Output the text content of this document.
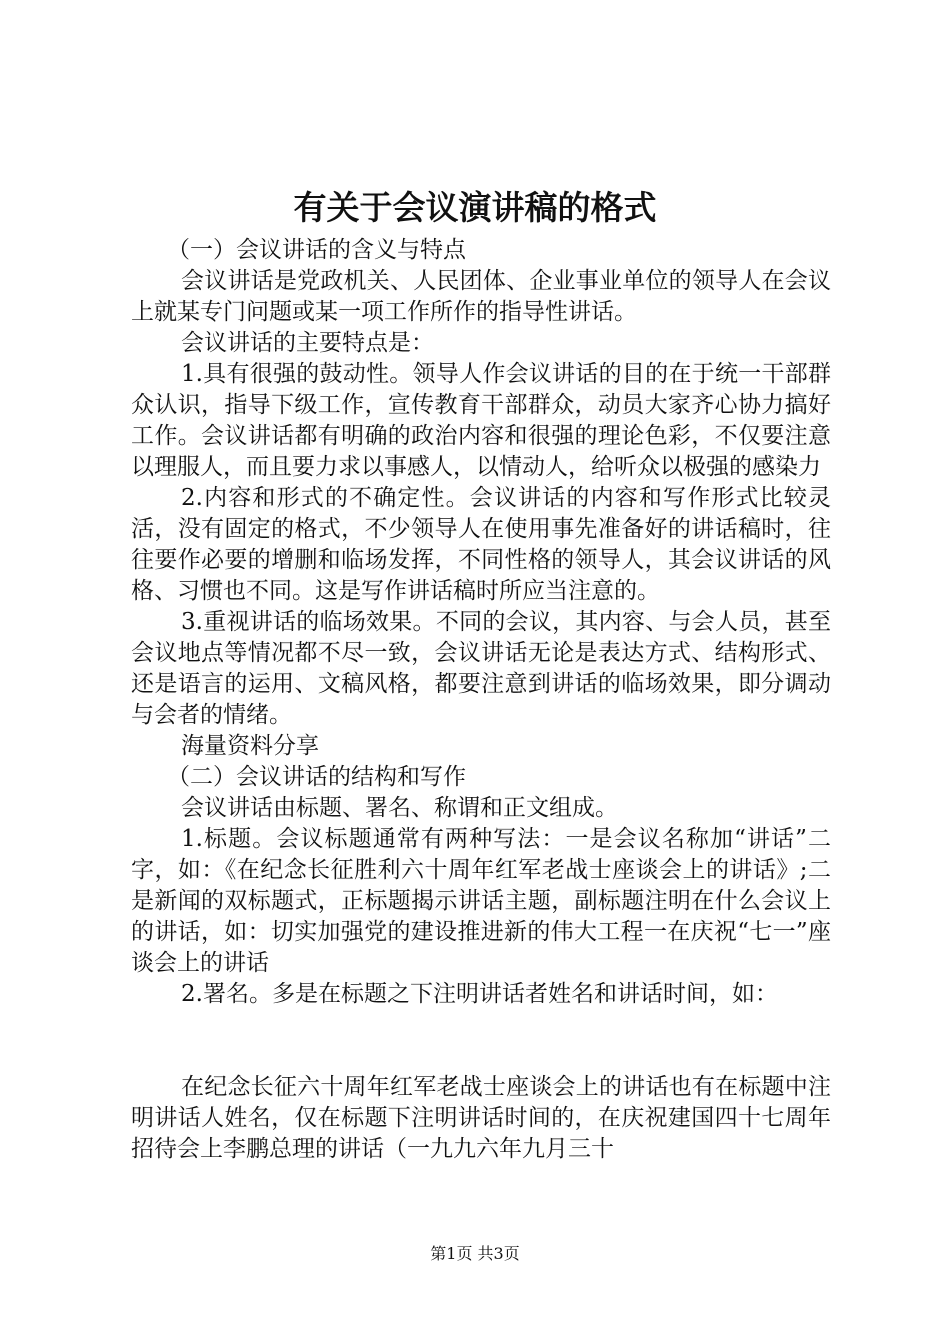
有关于会议演讲稿的格式

（一）会议讲话的含义与特点

会议讲话是党政机关、人民团体、企业事业单位的领导人在会议上就某专门问题或某一项工作所作的指导性讲话。

会议讲话的主要特点是：

1.具有很强的鼓动性。领导人作会议讲话的目的在于统一干部群众认识，指导下级工作，宣传教育干部群众，动员大家齐心协力搞好工作。会议讲话都有明确的政治内容和很强的理论色彩，不仅要注意以理服人，而且要力求以事感人，以情动人，给听众以极强的感染力

2.内容和形式的不确定性。会议讲话的内容和写作形式比较灵活，没有固定的格式，不少领导人在使用事先准备好的讲话稿时，往往要作必要的增删和临场发挥，不同性格的领导人，其会议讲话的风格、习惯也不同。这是写作讲话稿时所应当注意的。

3.重视讲话的临场效果。不同的会议，其内容、与会人员，甚至会议地点等情况都不尽一致，会议讲话无论是表达方式、结构形式、还是语言的运用、文稿风格，都要注意到讲话的临场效果，即分调动与会者的情绪。

海量资料分享

（二）会议讲话的结构和写作

会议讲话由标题、署名、称谓和正文组成。

1.标题。会议标题通常有两种写法：一是会议名称加“讲话”二字，如：《在纪念长征胜利六十周年红军老战士座谈会上的讲话》;二是新闻的双标题式，正标题揭示讲话主题，副标题注明在什么会议上的讲话，如：切实加强党的建设推进新的伟大工程一在庆祝“七一”座谈会上的讲话

2.署名。多是在标题之下注明讲话者姓名和讲话时间，如：

在纪念长征六十周年红军老战士座谈会上的讲话也有在标题中注明讲话人姓名，仅在标题下注明讲话时间的，在庆祝建国四十七周年招待会上李鹏总理的讲话（一九九六年九月三十

第1页 共3页
